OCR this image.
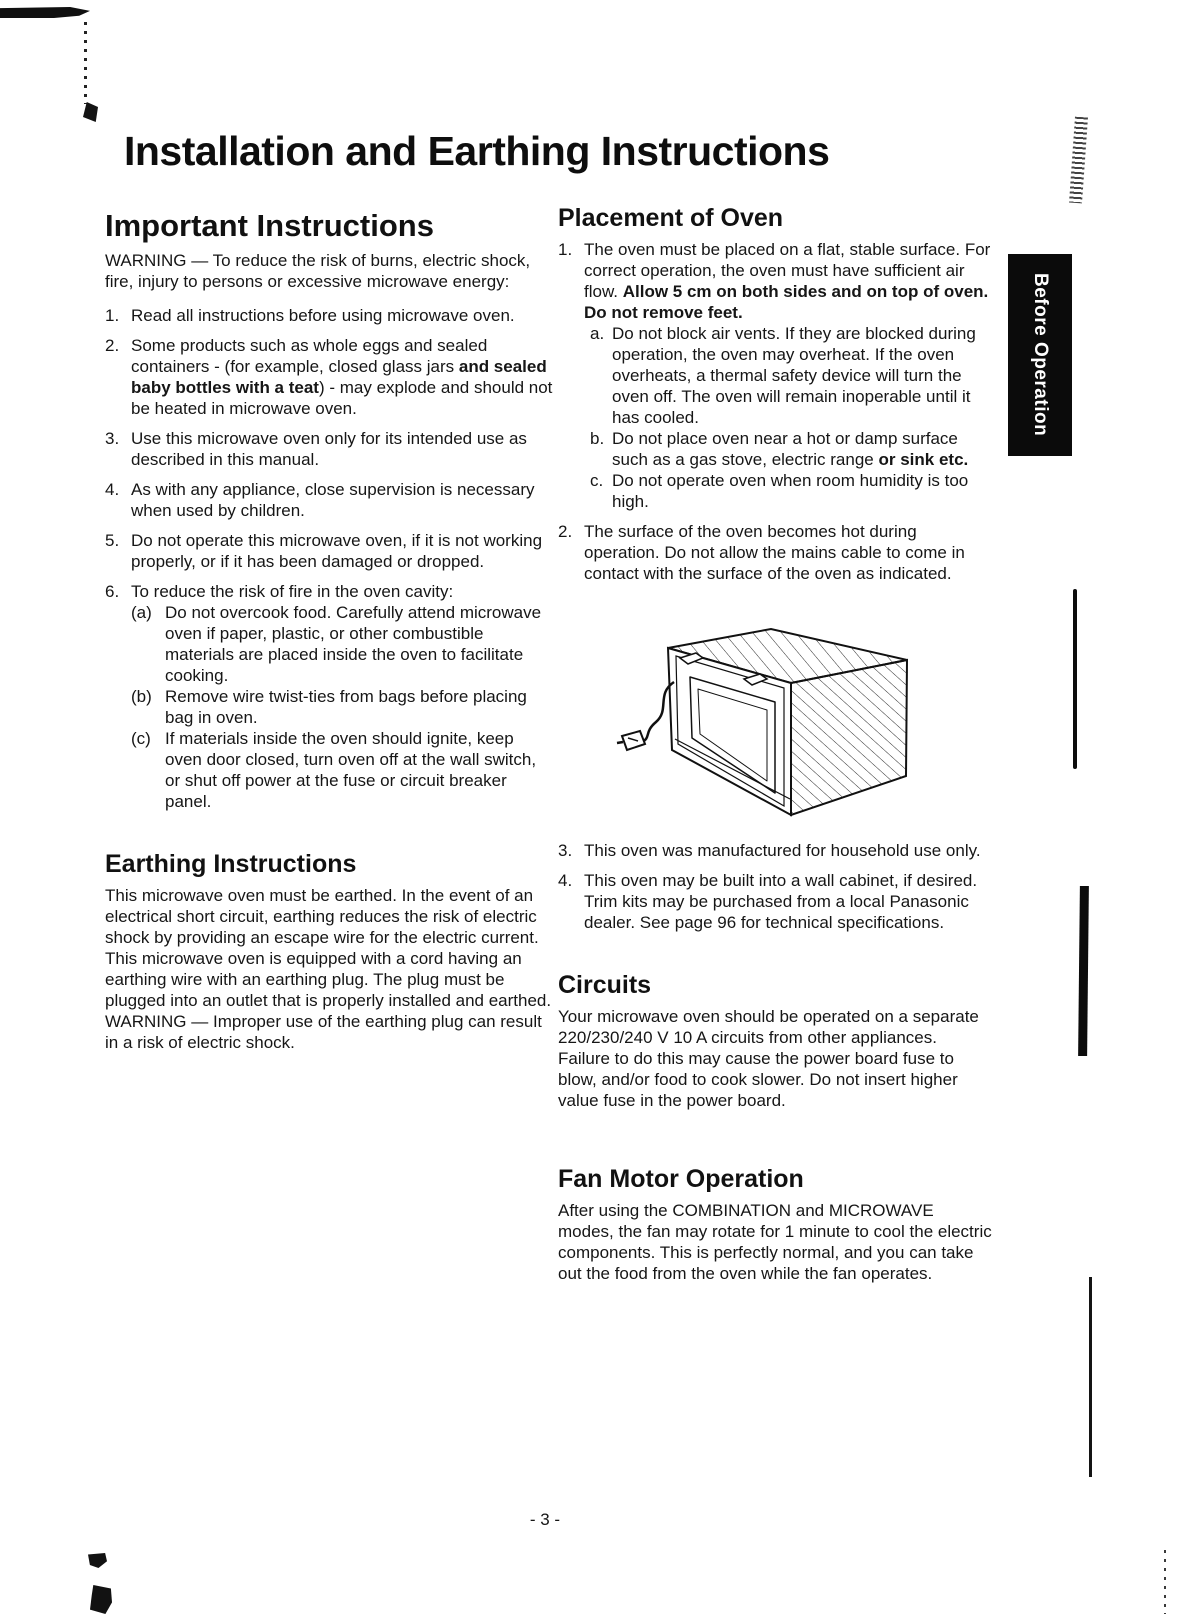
Installation and Earthing Instructions
Important Instructions

WARNING — To reduce the risk of burns, electric shock, fire, injury to persons or excessive microwave energy:

1. Read all instructions before using microwave oven.
2. Some products such as whole eggs and sealed containers - (for example, closed glass jars and sealed baby bottles with a teat) - may explode and should not be heated in microwave oven.
3. Use this microwave oven only for its intended use as described in this manual.
4. As with any appliance, close supervision is necessary when used by children.
5. Do not operate this microwave oven, if it is not working properly, or if it has been damaged or dropped.
6. To reduce the risk of fire in the oven cavity:
(a) Do not overcook food. Carefully attend microwave oven if paper, plastic, or other combustible materials are placed inside the oven to facilitate cooking.
(b) Remove wire twist-ties from bags before placing bag in oven.
(c) If materials inside the oven should ignite, keep oven door closed, turn oven off at the wall switch, or shut off power at the fuse or circuit breaker panel.
Earthing Instructions

This microwave oven must be earthed. In the event of an electrical short circuit, earthing reduces the risk of electric shock by providing an escape wire for the electric current. This microwave oven is equipped with a cord having an earthing wire with an earthing plug. The plug must be plugged into an outlet that is properly installed and earthed.

WARNING — Improper use of the earthing plug can result in a risk of electric shock.

Placement of Oven
1. The oven must be placed on a flat, stable surface. For correct operation, the oven must have sufficient air flow. Allow 5 cm on both sides and on top of oven. Do not remove feet.
a. Do not block air vents. If they are blocked during operation, the oven may overheat. If the oven overheats, a thermal safety device will turn the oven off. The oven will remain inoperable until it has cooled.
b. Do not place oven near a hot or damp surface such as a gas stove, electric range or sink etc.
c. Do not operate oven when room humidity is too high.
2. The surface of the oven becomes hot during operation. Do not allow the mains cable to come in contact with the surface of the oven as indicated.
3. This oven was manufactured for household use only.
4. This oven may be built into a wall cabinet, if desired. Trim kits may be purchased from a local Panasonic dealer. See page 96 for technical specifications.
Circuits

Your microwave oven should be operated on a separate 220/230/240 V 10 A circuits from other appliances. Failure to do this may cause the power board fuse to blow, and/or food to cook slower. Do not insert higher value fuse in the power board.

Fan Motor Operation

After using the COMBINATION and MICROWAVE modes, the fan may rotate for 1 minute to cool the electric components. This is perfectly normal, and you can take out the food from the oven while the fan operates.

Before Operation
- 3 -
